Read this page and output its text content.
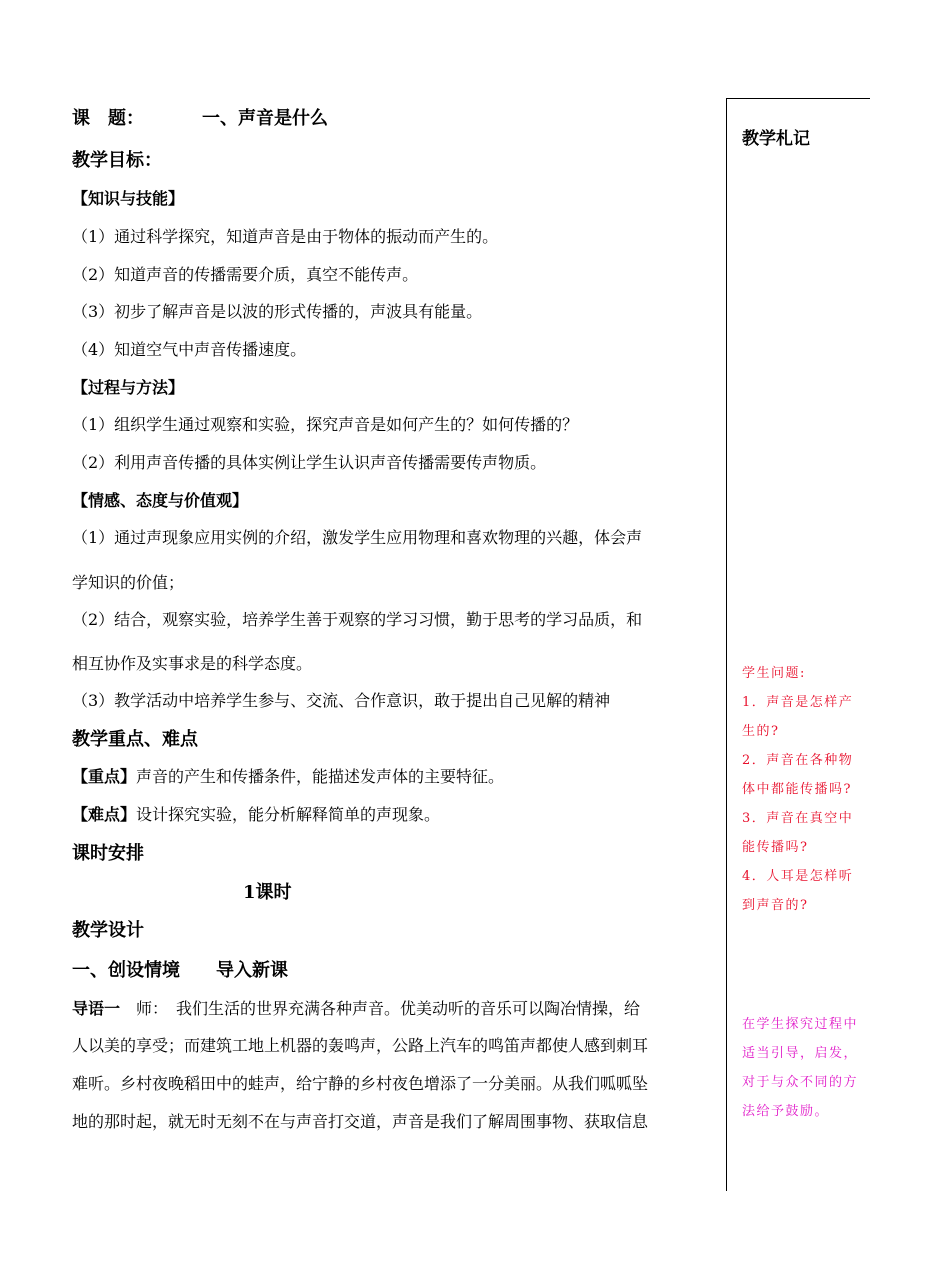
课　题：	一、声音是什么
教学目标：
【知识与技能】
（1）通过科学探究，知道声音是由于物体的振动而产生的。
（2）知道声音的传播需要介质，真空不能传声。
（3）初步了解声音是以波的形式传播的，声波具有能量。
（4）知道空气中声音传播速度。
【过程与方法】
（1）组织学生通过观察和实验，探究声音是如何产生的？如何传播的？
（2）利用声音传播的具体实例让学生认识声音传播需要传声物质。
【情感、态度与价值观】
（1）通过声现象应用实例的介绍，激发学生应用物理和喜欢物理的兴趣，体会声
学知识的价值；
（2）结合，观察实验，培养学生善于观察的学习习惯，勤于思考的学习品质，和
相互协作及实事求是的科学态度。
（3）教学活动中培养学生参与、交流、合作意识，敢于提出自己见解的精神
教学重点、难点
【重点】声音的产生和传播条件，能描述发声体的主要特征。
【难点】设计探究实验，能分析解释简单的声现象。
课时安排
1课时
教学设计
一、创设情境　　导入新课
导语一　师：　我们生活的世界充满各种声音。优美动听的音乐可以陶冶情操，给
人以美的享受；而建筑工地上机器的轰鸣声，公路上汽车的鸣笛声都使人感到刺耳
难听。乡村夜晚稻田中的蛙声，给宁静的乡村夜色增添了一分美丽。从我们呱呱坠
地的那时起，就无时无刻不在与声音打交道，声音是我们了解周围事物、获取信息
教学札记

学生问题:

1．声音是怎样产

生的?

2．声音在各种物

体中都能传播吗?

3．声音在真空中

能传播吗?

4．人耳是怎样听

到声音的?

在学生探究过程中

适当引导，启发，

对于与众不同的方

法给予鼓励。
